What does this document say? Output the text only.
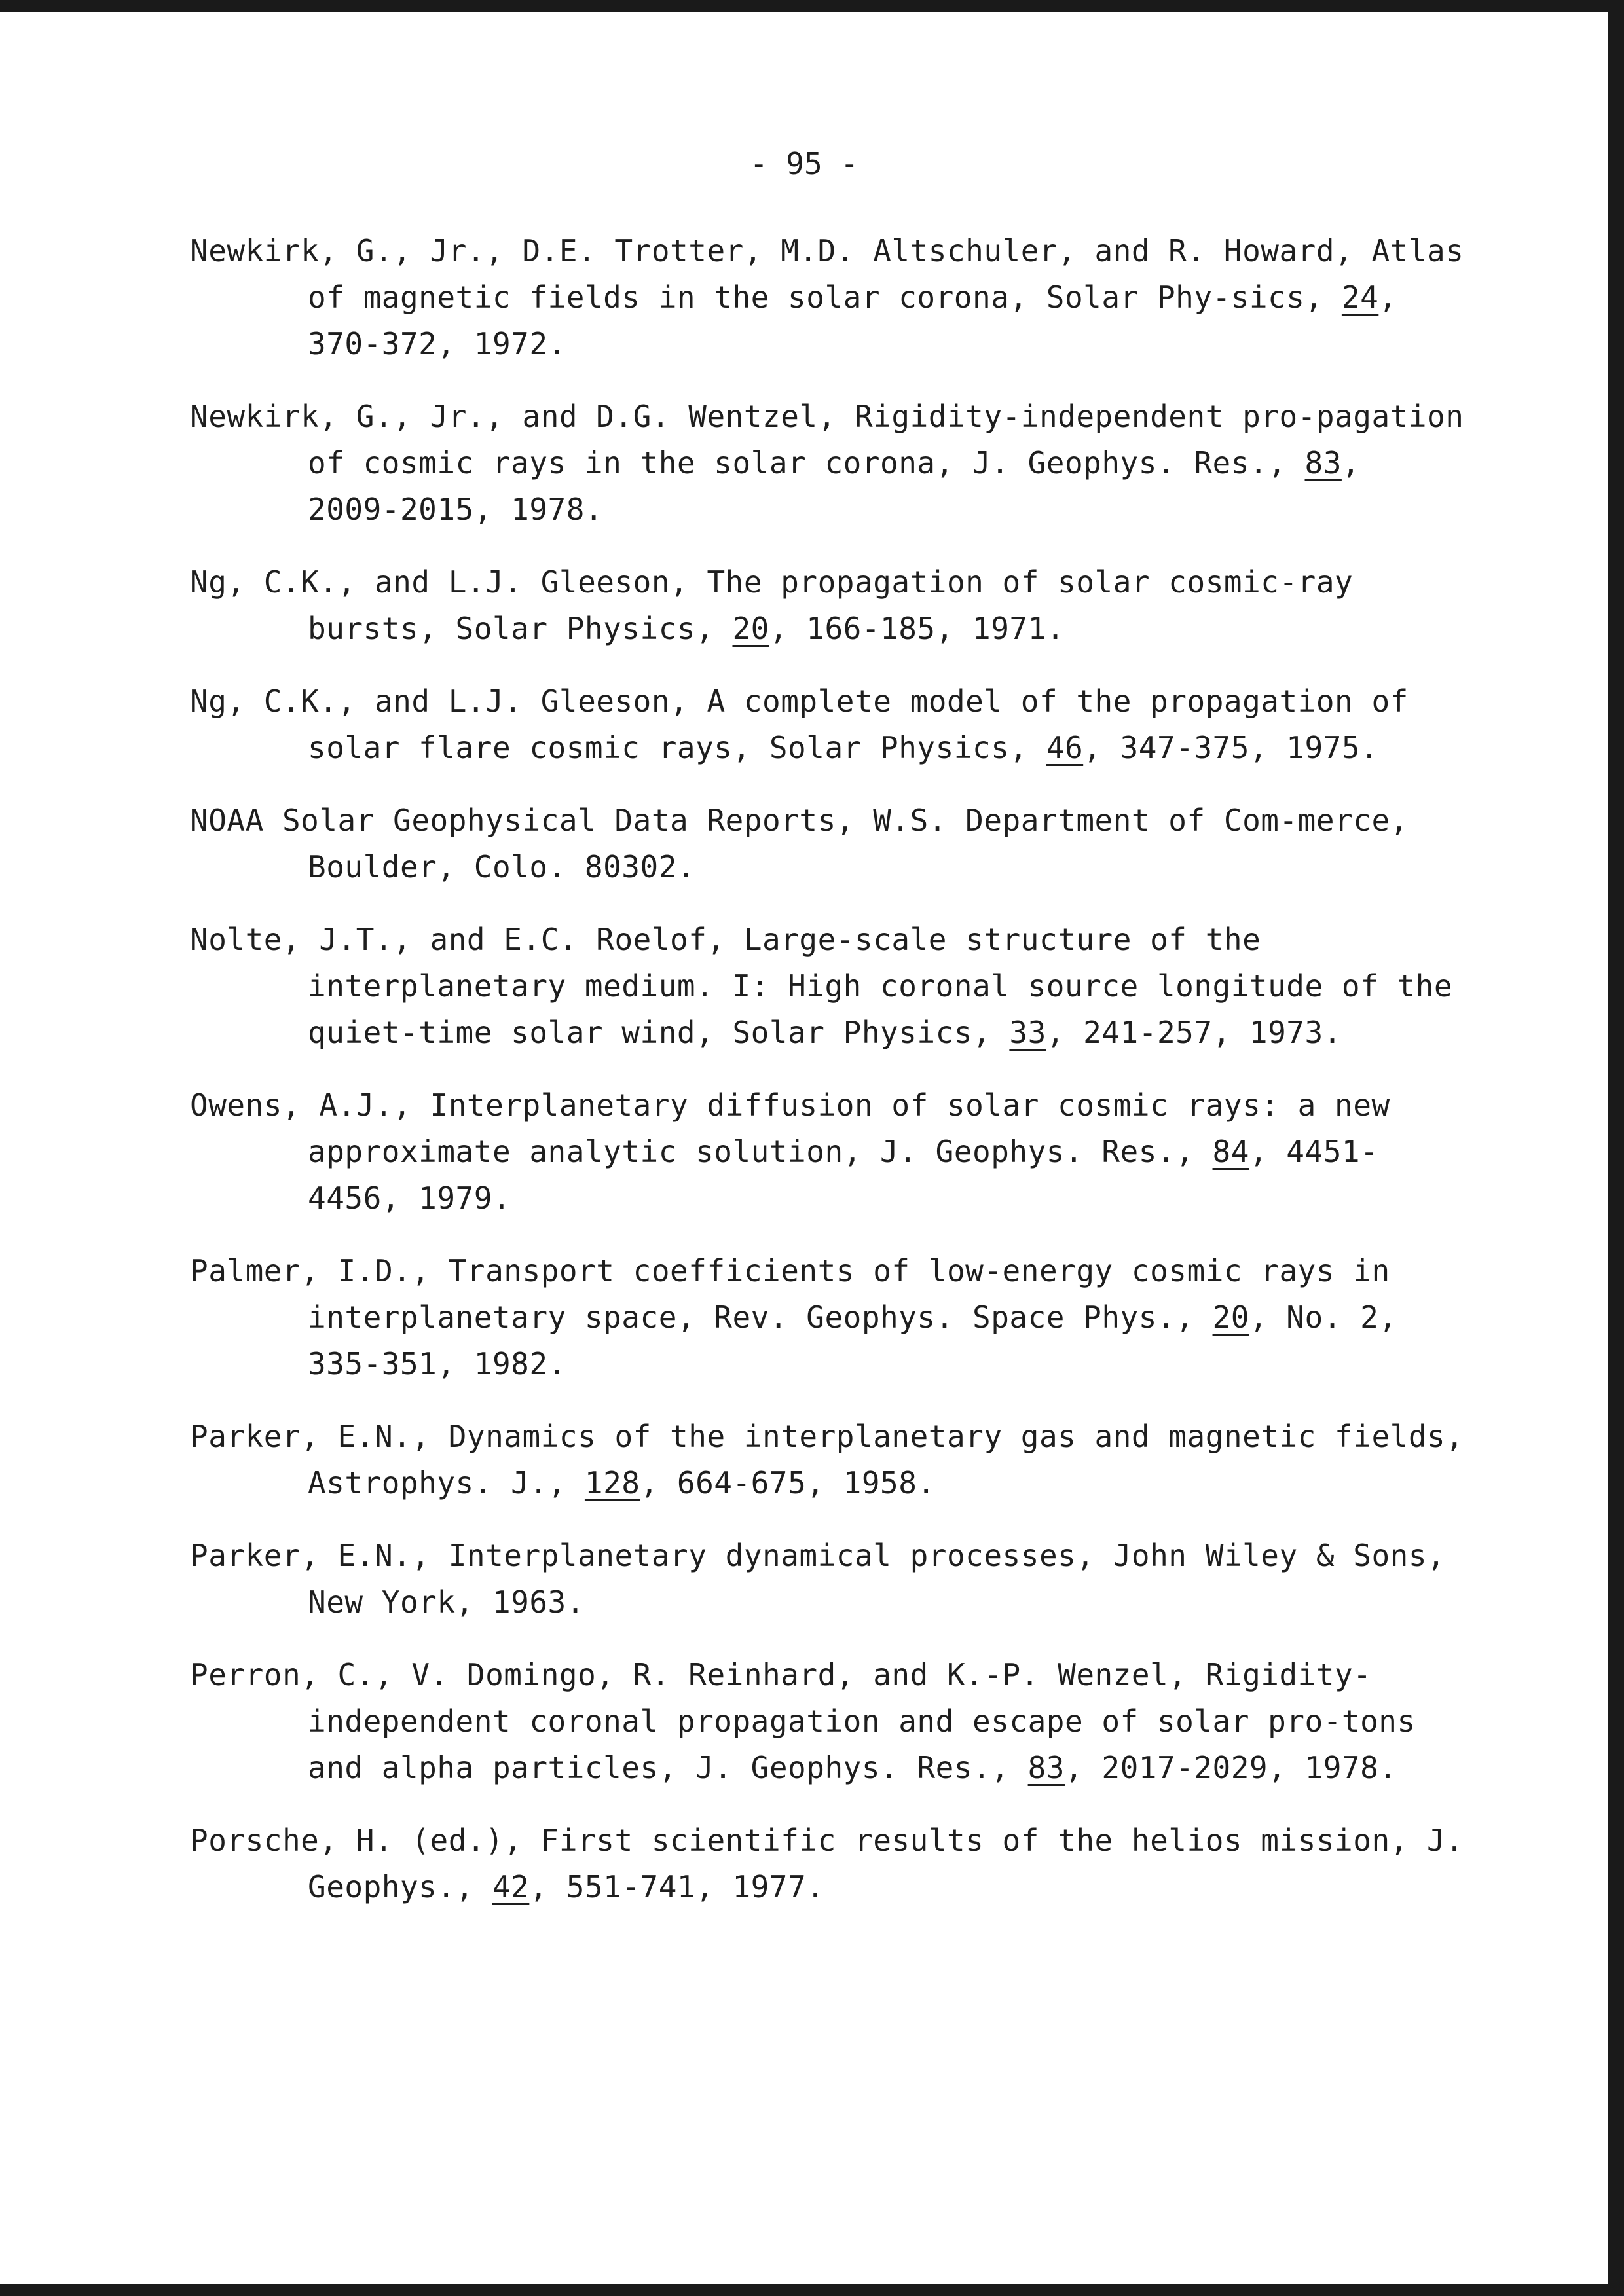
- 95 -

Newkirk, G., Jr., D.E. Trotter, M.D. Altschuler, and R. Howard, Atlas of magnetic fields in the solar corona, Solar Phy-sics, 24, 370-372, 1972.

Newkirk, G., Jr., and D.G. Wentzel, Rigidity-independent pro-pagation of cosmic rays in the solar corona, J. Geophys. Res., 83, 2009-2015, 1978.

Ng, C.K., and L.J. Gleeson, The propagation of solar cosmic-ray bursts, Solar Physics, 20, 166-185, 1971.

Ng, C.K., and L.J. Gleeson, A complete model of the propagation of solar flare cosmic rays, Solar Physics, 46, 347-375, 1975.

NOAA Solar Geophysical Data Reports, W.S. Department of Com-merce, Boulder, Colo. 80302.

Nolte, J.T., and E.C. Roelof, Large-scale structure of the interplanetary medium. I: High coronal source longitude of the quiet-time solar wind, Solar Physics, 33, 241-257, 1973.

Owens, A.J., Interplanetary diffusion of solar cosmic rays: a new approximate analytic solution, J. Geophys. Res., 84, 4451-4456, 1979.

Palmer, I.D., Transport coefficients of low-energy cosmic rays in interplanetary space, Rev. Geophys. Space Phys., 20, No. 2, 335-351, 1982.

Parker, E.N., Dynamics of the interplanetary gas and magnetic fields, Astrophys. J., 128, 664-675, 1958.

Parker, E.N., Interplanetary dynamical processes, John Wiley & Sons, New York, 1963.

Perron, C., V. Domingo, R. Reinhard, and K.-P. Wenzel, Rigidity-independent coronal propagation and escape of solar pro-tons and alpha particles, J. Geophys. Res., 83, 2017-2029, 1978.

Porsche, H. (ed.), First scientific results of the helios mission, J. Geophys., 42, 551-741, 1977.
